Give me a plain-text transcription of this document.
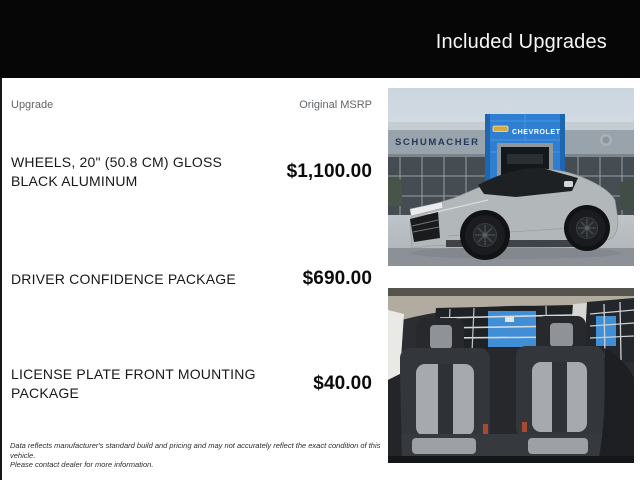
Included Upgrades
Upgrade	Original MSRP
WHEELS, 20" (50.8 CM) GLOSS BLACK ALUMINUM	$1,100.00
DRIVER CONFIDENCE PACKAGE	$690.00
LICENSE PLATE FRONT MOUNTING PACKAGE	$40.00
Data reflects manufacturer's standard build and pricing and may not accurately reflect the exact condition of this vehicle.
Please contact dealer for more information.
SCHUMACHER
CHEVROLET
